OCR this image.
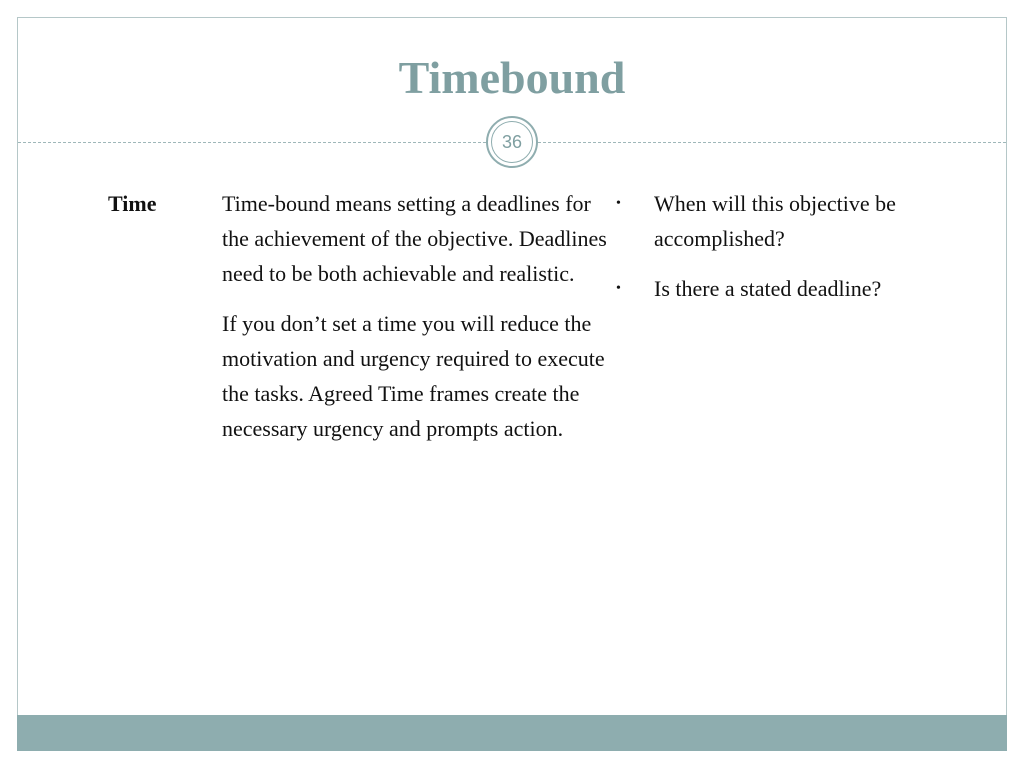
Timebound
36
Time	Time-bound means setting a deadlines for the achievement of the objective. Deadlines need to be both achievable and realistic.

If you don’t set a time you will reduce the motivation and urgency required to execute the tasks. Agreed Time frames create the necessary urgency and prompts action.

• When will this objective be accomplished?
• Is there a stated deadline?
